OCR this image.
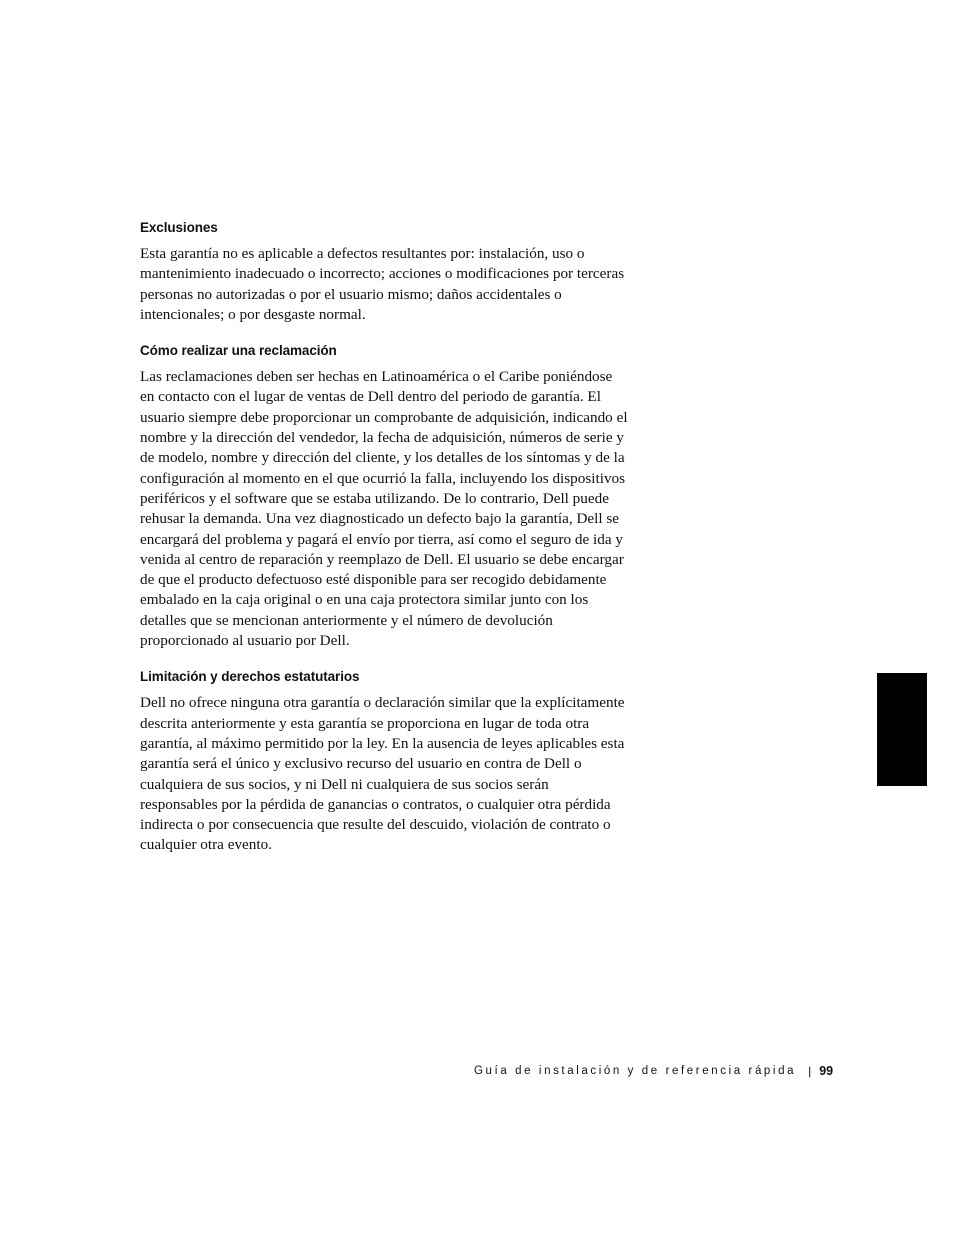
Exclusiones

Esta garantía no es aplicable a defectos resultantes por: instalación, uso o mantenimiento inadecuado o incorrecto; acciones o modificaciones por terceras personas no autorizadas o por el usuario mismo; daños accidentales o intencionales; o por desgaste normal.

Cómo realizar una reclamación

Las reclamaciones deben ser hechas en Latinoamérica o el Caribe poniéndose en contacto con el lugar de ventas de Dell dentro del periodo de garantía. El usuario siempre debe proporcionar un comprobante de adquisición, indicando el nombre y la dirección del vendedor, la fecha de adquisición, números de serie y de modelo, nombre y dirección del cliente, y los detalles de los síntomas y de la configuración al momento en el que ocurrió la falla, incluyendo los dispositivos periféricos y el software que se estaba utilizando. De lo contrario, Dell puede rehusar la demanda. Una vez diagnosticado un defecto bajo la garantía, Dell se encargará del problema y pagará el envío por tierra, así como el seguro de ida y venida al centro de reparación y reemplazo de Dell. El usuario se debe encargar de que el producto defectuoso esté disponible para ser recogido debidamente embalado en la caja original o en una caja protectora similar junto con los detalles que se mencionan anteriormente y el número de devolución proporcionado al usuario por Dell.

Limitación y derechos estatutarios

Dell no ofrece ninguna otra garantía o declaración similar que la explícitamente descrita anteriormente y esta garantía se proporciona en lugar de toda otra garantía, al máximo permitido por la ley. En la ausencia de leyes aplicables esta garantía será el único y exclusivo recurso del usuario en contra de Dell o cualquiera de sus socios, y ni Dell ni cualquiera de sus socios serán responsables por la pérdida de ganancias o contratos, o cualquier otra pérdida indirecta o por consecuencia que resulte del descuido, violación de contrato o cualquier otra evento.

Guía de instalación y de referencia rápida | 99
